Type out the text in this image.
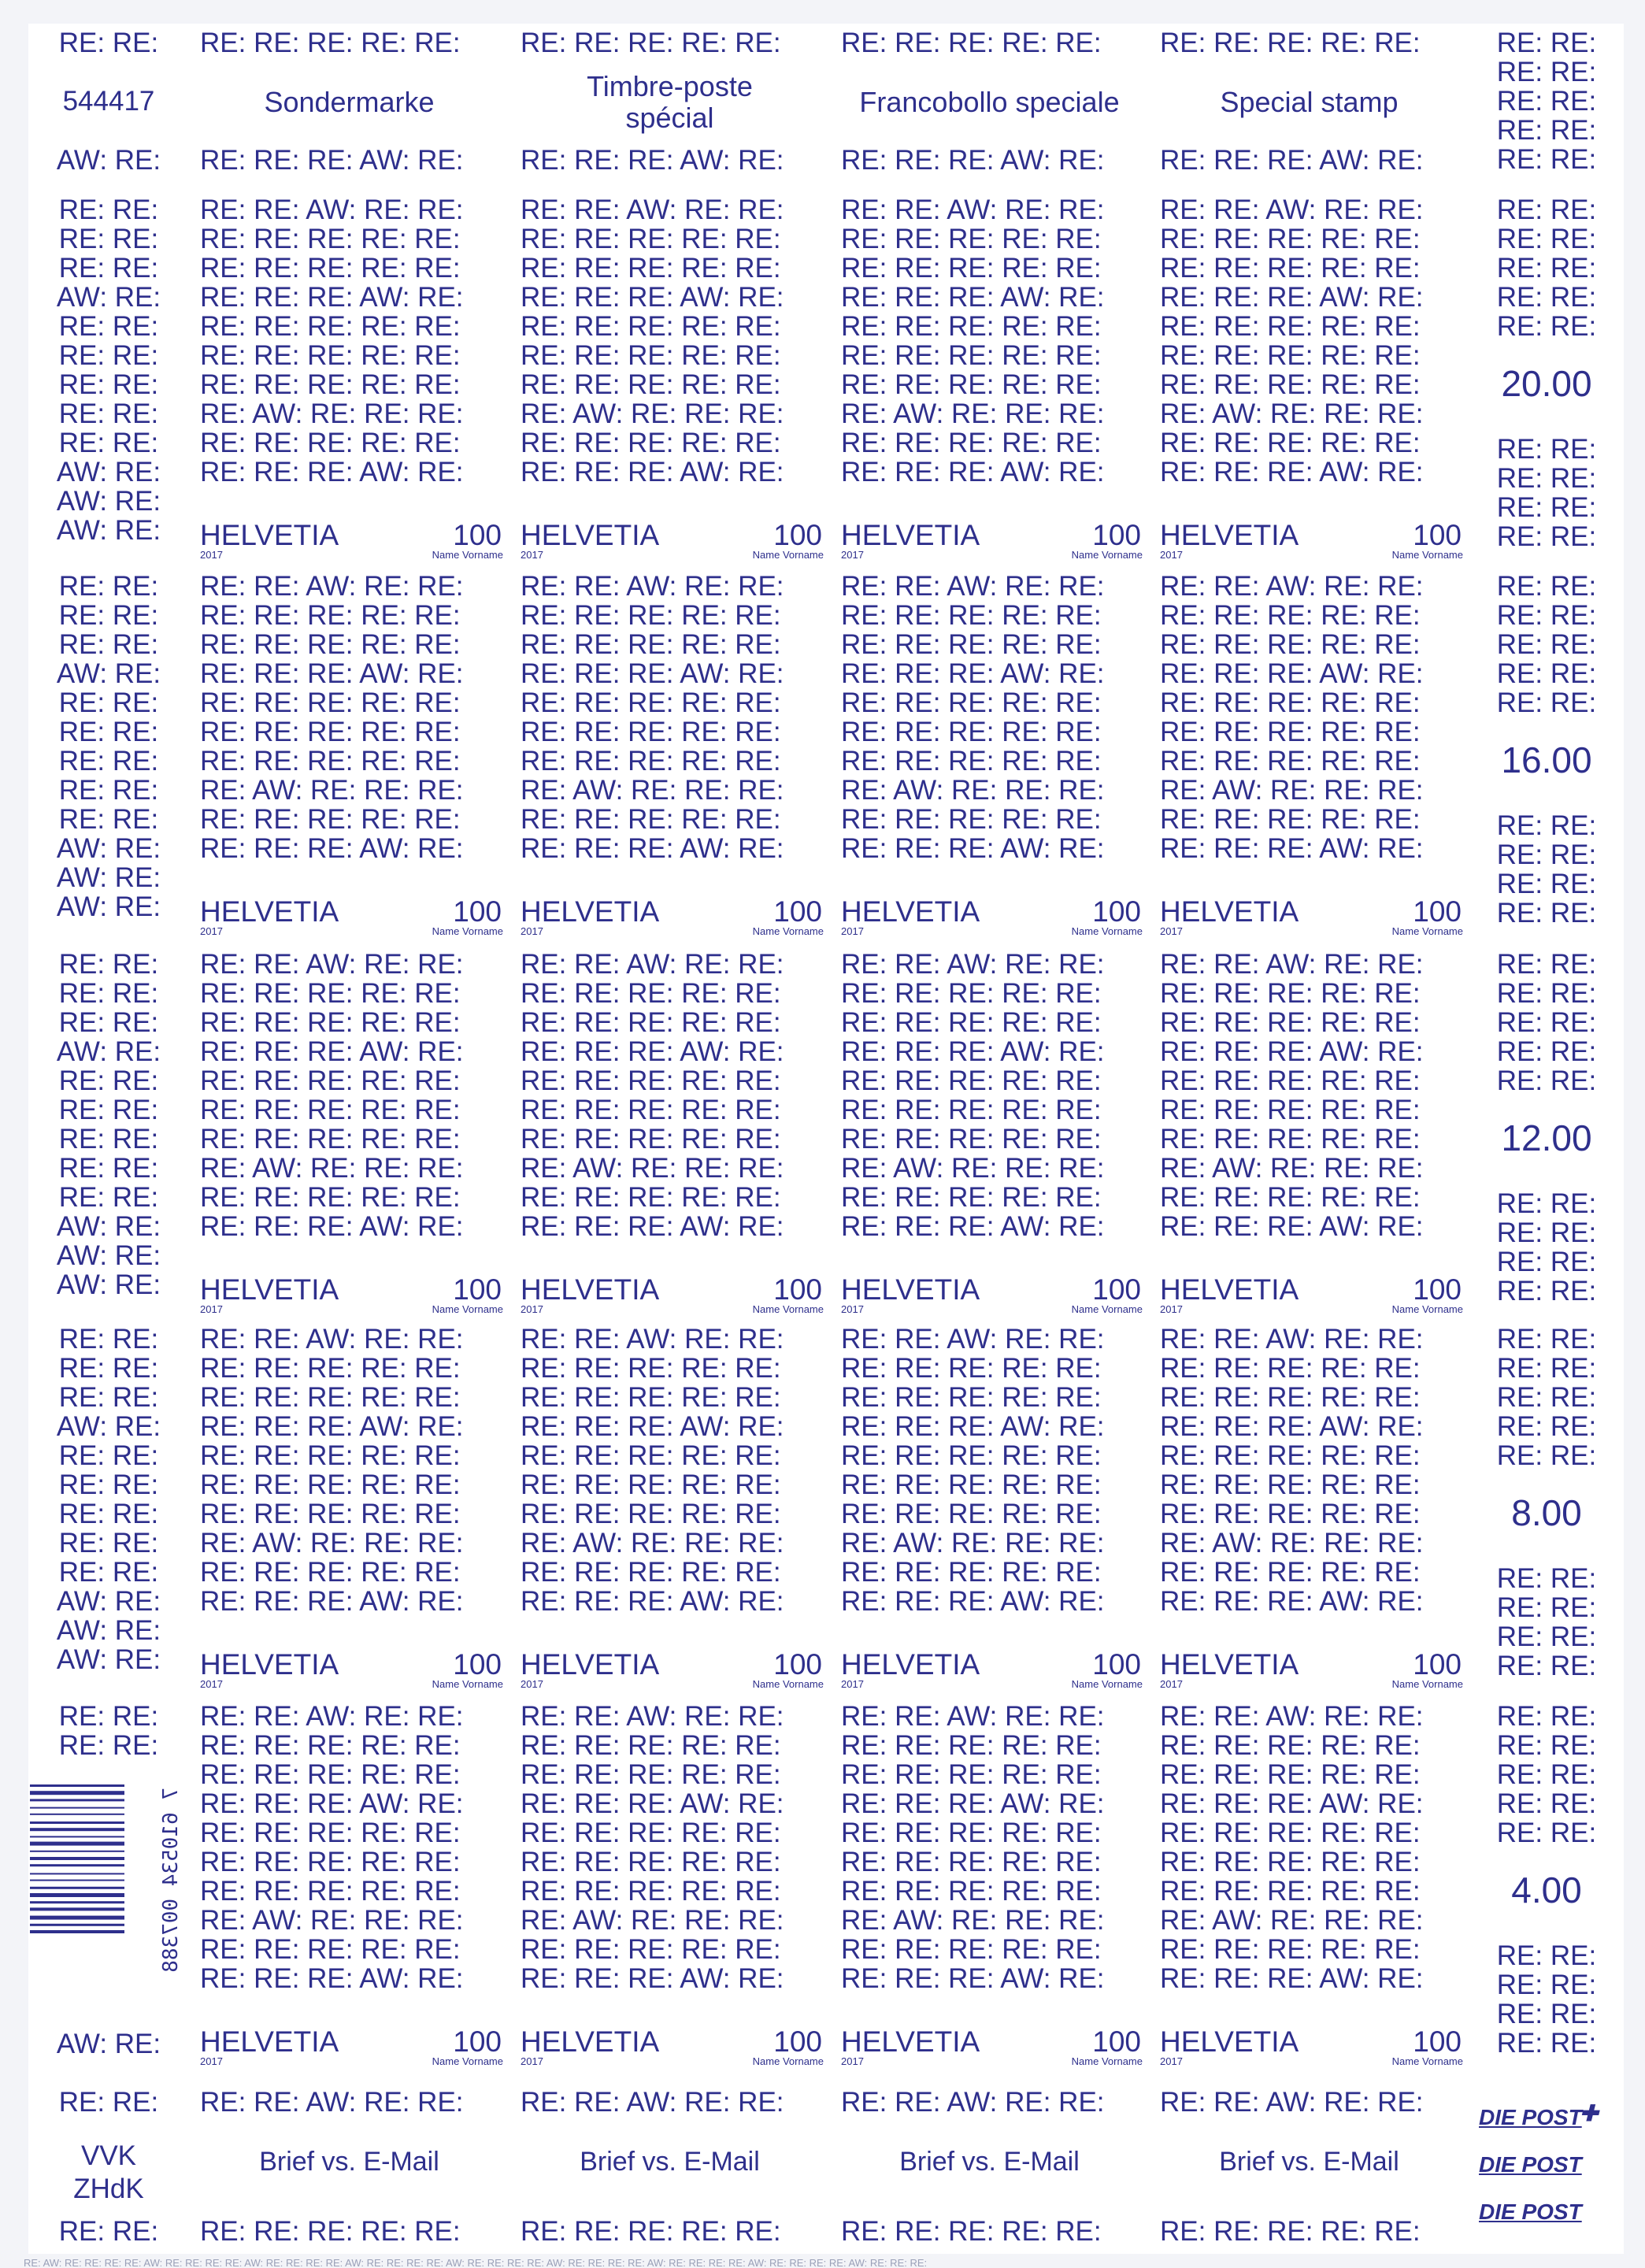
RE: RE:
544417
AW: RE:
RE: RE: RE: RE: RE:
Sondermarke
RE: RE: RE: AW: RE:
RE: RE: RE: RE: RE:
Timbre-poste
spécial
RE: RE: RE: AW: RE:
RE: RE: RE: RE: RE:
Francobollo speciale
RE: RE: RE: AW: RE:
RE: RE: RE: RE: RE:
Special stamp
RE: RE: RE: AW: RE:
RE: RE:
RE: RE:
RE: RE:
RE: RE:
RE: RE:
RE: RE:
RE: RE:
RE: RE:
AW: RE:
RE: RE:
RE: RE:
RE: RE:
RE: RE:
RE: RE:
AW: RE:
AW: RE:
AW: RE:
RE: RE: AW: RE: RE:
RE: RE: RE: RE: RE:
RE: RE: RE: RE: RE:
RE: RE: RE: AW: RE:
RE: RE: RE: RE: RE:
RE: RE: RE: RE: RE:
RE: RE: RE: RE: RE:
RE: AW: RE: RE: RE:
RE: RE: RE: RE: RE:
RE: RE: RE: AW: RE:
HELVETIA
2017
100
Name Vorname
RE: RE: AW: RE: RE:
RE: RE: RE: RE: RE:
RE: RE: RE: RE: RE:
RE: RE: RE: AW: RE:
RE: RE: RE: RE: RE:
RE: RE: RE: RE: RE:
RE: RE: RE: RE: RE:
RE: AW: RE: RE: RE:
RE: RE: RE: RE: RE:
RE: RE: RE: AW: RE:
HELVETIA
2017
100
Name Vorname
RE: RE: AW: RE: RE:
RE: RE: RE: RE: RE:
RE: RE: RE: RE: RE:
RE: RE: RE: AW: RE:
RE: RE: RE: RE: RE:
RE: RE: RE: RE: RE:
RE: RE: RE: RE: RE:
RE: AW: RE: RE: RE:
RE: RE: RE: RE: RE:
RE: RE: RE: AW: RE:
HELVETIA
2017
100
Name Vorname
RE: RE: AW: RE: RE:
RE: RE: RE: RE: RE:
RE: RE: RE: RE: RE:
RE: RE: RE: AW: RE:
RE: RE: RE: RE: RE:
RE: RE: RE: RE: RE:
RE: RE: RE: RE: RE:
RE: AW: RE: RE: RE:
RE: RE: RE: RE: RE:
RE: RE: RE: AW: RE:
HELVETIA
2017
100
Name Vorname
RE: RE:
RE: RE:
RE: RE:
RE: RE:
RE: RE:
20.00
RE: RE:
RE: RE:
RE: RE:
RE: RE:
RE: RE:
RE: RE:
RE: RE:
AW: RE:
RE: RE:
RE: RE:
RE: RE:
RE: RE:
RE: RE:
AW: RE:
AW: RE:
AW: RE:
RE: RE: AW: RE: RE:
RE: RE: RE: RE: RE:
RE: RE: RE: RE: RE:
RE: RE: RE: AW: RE:
RE: RE: RE: RE: RE:
RE: RE: RE: RE: RE:
RE: RE: RE: RE: RE:
RE: AW: RE: RE: RE:
RE: RE: RE: RE: RE:
RE: RE: RE: AW: RE:
HELVETIA
2017
100
Name Vorname
RE: RE: AW: RE: RE:
RE: RE: RE: RE: RE:
RE: RE: RE: RE: RE:
RE: RE: RE: AW: RE:
RE: RE: RE: RE: RE:
RE: RE: RE: RE: RE:
RE: RE: RE: RE: RE:
RE: AW: RE: RE: RE:
RE: RE: RE: RE: RE:
RE: RE: RE: AW: RE:
HELVETIA
2017
100
Name Vorname
RE: RE: AW: RE: RE:
RE: RE: RE: RE: RE:
RE: RE: RE: RE: RE:
RE: RE: RE: AW: RE:
RE: RE: RE: RE: RE:
RE: RE: RE: RE: RE:
RE: RE: RE: RE: RE:
RE: AW: RE: RE: RE:
RE: RE: RE: RE: RE:
RE: RE: RE: AW: RE:
HELVETIA
2017
100
Name Vorname
RE: RE: AW: RE: RE:
RE: RE: RE: RE: RE:
RE: RE: RE: RE: RE:
RE: RE: RE: AW: RE:
RE: RE: RE: RE: RE:
RE: RE: RE: RE: RE:
RE: RE: RE: RE: RE:
RE: AW: RE: RE: RE:
RE: RE: RE: RE: RE:
RE: RE: RE: AW: RE:
HELVETIA
2017
100
Name Vorname
RE: RE:
RE: RE:
RE: RE:
RE: RE:
RE: RE:
16.00
RE: RE:
RE: RE:
RE: RE:
RE: RE:
RE: RE:
RE: RE:
RE: RE:
AW: RE:
RE: RE:
RE: RE:
RE: RE:
RE: RE:
RE: RE:
AW: RE:
AW: RE:
AW: RE:
RE: RE: AW: RE: RE:
RE: RE: RE: RE: RE:
RE: RE: RE: RE: RE:
RE: RE: RE: AW: RE:
RE: RE: RE: RE: RE:
RE: RE: RE: RE: RE:
RE: RE: RE: RE: RE:
RE: AW: RE: RE: RE:
RE: RE: RE: RE: RE:
RE: RE: RE: AW: RE:
HELVETIA
2017
100
Name Vorname
RE: RE: AW: RE: RE:
RE: RE: RE: RE: RE:
RE: RE: RE: RE: RE:
RE: RE: RE: AW: RE:
RE: RE: RE: RE: RE:
RE: RE: RE: RE: RE:
RE: RE: RE: RE: RE:
RE: AW: RE: RE: RE:
RE: RE: RE: RE: RE:
RE: RE: RE: AW: RE:
HELVETIA
2017
100
Name Vorname
RE: RE: AW: RE: RE:
RE: RE: RE: RE: RE:
RE: RE: RE: RE: RE:
RE: RE: RE: AW: RE:
RE: RE: RE: RE: RE:
RE: RE: RE: RE: RE:
RE: RE: RE: RE: RE:
RE: AW: RE: RE: RE:
RE: RE: RE: RE: RE:
RE: RE: RE: AW: RE:
HELVETIA
2017
100
Name Vorname
RE: RE: AW: RE: RE:
RE: RE: RE: RE: RE:
RE: RE: RE: RE: RE:
RE: RE: RE: AW: RE:
RE: RE: RE: RE: RE:
RE: RE: RE: RE: RE:
RE: RE: RE: RE: RE:
RE: AW: RE: RE: RE:
RE: RE: RE: RE: RE:
RE: RE: RE: AW: RE:
HELVETIA
2017
100
Name Vorname
RE: RE:
RE: RE:
RE: RE:
RE: RE:
RE: RE:
12.00
RE: RE:
RE: RE:
RE: RE:
RE: RE:
RE: RE:
RE: RE:
RE: RE:
AW: RE:
RE: RE:
RE: RE:
RE: RE:
RE: RE:
RE: RE:
AW: RE:
AW: RE:
AW: RE:
RE: RE: AW: RE: RE:
RE: RE: RE: RE: RE:
RE: RE: RE: RE: RE:
RE: RE: RE: AW: RE:
RE: RE: RE: RE: RE:
RE: RE: RE: RE: RE:
RE: RE: RE: RE: RE:
RE: AW: RE: RE: RE:
RE: RE: RE: RE: RE:
RE: RE: RE: AW: RE:
HELVETIA
2017
100
Name Vorname
RE: RE: AW: RE: RE:
RE: RE: RE: RE: RE:
RE: RE: RE: RE: RE:
RE: RE: RE: AW: RE:
RE: RE: RE: RE: RE:
RE: RE: RE: RE: RE:
RE: RE: RE: RE: RE:
RE: AW: RE: RE: RE:
RE: RE: RE: RE: RE:
RE: RE: RE: AW: RE:
HELVETIA
2017
100
Name Vorname
RE: RE: AW: RE: RE:
RE: RE: RE: RE: RE:
RE: RE: RE: RE: RE:
RE: RE: RE: AW: RE:
RE: RE: RE: RE: RE:
RE: RE: RE: RE: RE:
RE: RE: RE: RE: RE:
RE: AW: RE: RE: RE:
RE: RE: RE: RE: RE:
RE: RE: RE: AW: RE:
HELVETIA
2017
100
Name Vorname
RE: RE: AW: RE: RE:
RE: RE: RE: RE: RE:
RE: RE: RE: RE: RE:
RE: RE: RE: AW: RE:
RE: RE: RE: RE: RE:
RE: RE: RE: RE: RE:
RE: RE: RE: RE: RE:
RE: AW: RE: RE: RE:
RE: RE: RE: RE: RE:
RE: RE: RE: AW: RE:
HELVETIA
2017
100
Name Vorname
RE: RE:
RE: RE:
RE: RE:
RE: RE:
RE: RE:
8.00
RE: RE:
RE: RE:
RE: RE:
RE: RE:
RE: RE:
RE: RE:
AW: RE:
RE: RE: AW: RE: RE:
RE: RE: RE: RE: RE:
RE: RE: RE: RE: RE:
RE: RE: RE: AW: RE:
RE: RE: RE: RE: RE:
RE: RE: RE: RE: RE:
RE: RE: RE: RE: RE:
RE: AW: RE: RE: RE:
RE: RE: RE: RE: RE:
RE: RE: RE: AW: RE:
HELVETIA
2017
100
Name Vorname
RE: RE: AW: RE: RE:
RE: RE: RE: RE: RE:
RE: RE: RE: RE: RE:
RE: RE: RE: AW: RE:
RE: RE: RE: RE: RE:
RE: RE: RE: RE: RE:
RE: RE: RE: RE: RE:
RE: AW: RE: RE: RE:
RE: RE: RE: RE: RE:
RE: RE: RE: AW: RE:
HELVETIA
2017
100
Name Vorname
RE: RE: AW: RE: RE:
RE: RE: RE: RE: RE:
RE: RE: RE: RE: RE:
RE: RE: RE: AW: RE:
RE: RE: RE: RE: RE:
RE: RE: RE: RE: RE:
RE: RE: RE: RE: RE:
RE: AW: RE: RE: RE:
RE: RE: RE: RE: RE:
RE: RE: RE: AW: RE:
HELVETIA
2017
100
Name Vorname
RE: RE: AW: RE: RE:
RE: RE: RE: RE: RE:
RE: RE: RE: RE: RE:
RE: RE: RE: AW: RE:
RE: RE: RE: RE: RE:
RE: RE: RE: RE: RE:
RE: RE: RE: RE: RE:
RE: AW: RE: RE: RE:
RE: RE: RE: RE: RE:
RE: RE: RE: AW: RE:
HELVETIA
2017
100
Name Vorname
RE: RE:
RE: RE:
RE: RE:
RE: RE:
RE: RE:
4.00
RE: RE:
RE: RE:
RE: RE:
RE: RE:
7 610534 007388
RE: RE:
VVK
ZHdK
RE: RE:
RE: RE: AW: RE: RE:
Brief vs. E-Mail
RE: RE: RE: RE: RE:
RE: RE: AW: RE: RE:
Brief vs. E-Mail
RE: RE: RE: RE: RE:
RE: RE: AW: RE: RE:
Brief vs. E-Mail
RE: RE: RE: RE: RE:
RE: RE: AW: RE: RE:
Brief vs. E-Mail
RE: RE: RE: RE: RE:
DIE POST
DIE POST
DIE POST
✚
RE: AW: RE: RE: RE: RE: AW: RE: RE: RE: RE: AW: RE: RE: RE: RE: AW: RE: RE: RE: RE: AW: RE: RE: RE: RE: AW: RE: RE: RE: RE: AW: RE: RE: RE: RE: AW: RE: RE: RE: RE: AW: RE: RE: RE:
